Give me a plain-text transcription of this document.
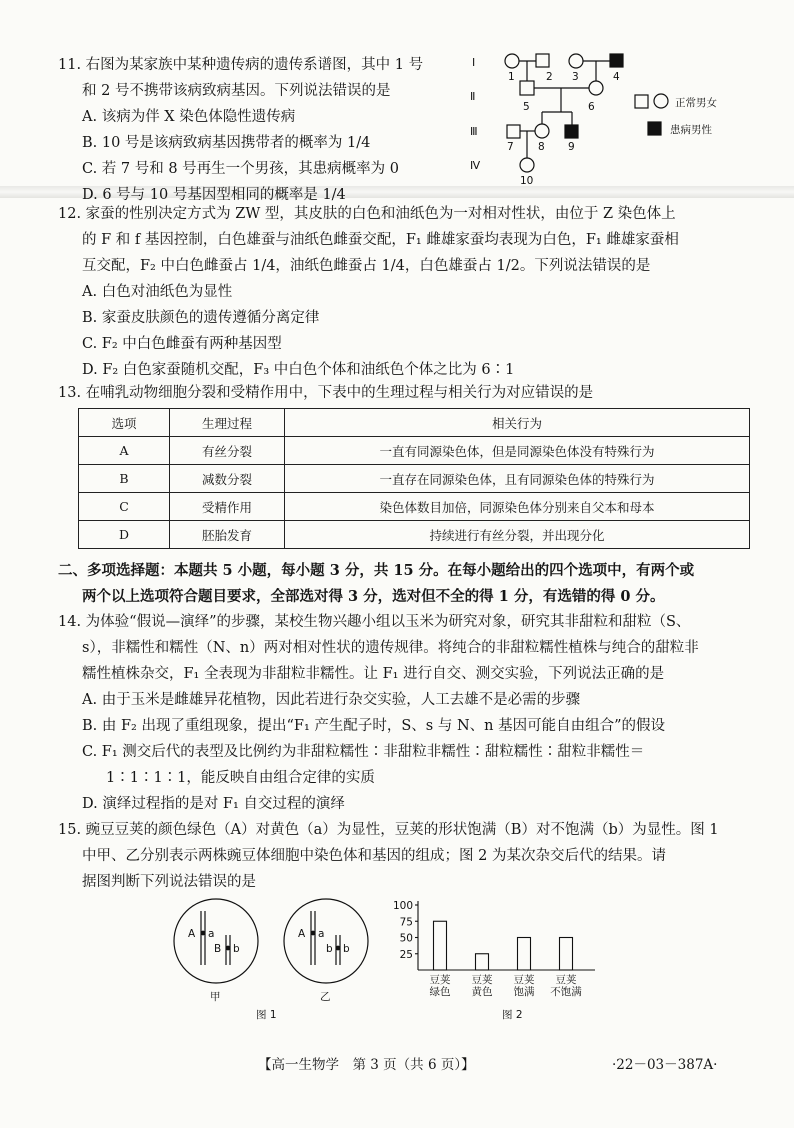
11. 右图为某家族中某种遗传病的遗传系谱图，其中 1 号
和 2 号不携带该病致病基因。下列说法错误的是
A. 该病为伴 X 染色体隐性遗传病
B. 10 号是该病致病基因携带者的概率为 1/4
C. 若 7 号和 8 号再生一个男孩，其患病概率为 0
D. 6 号与 10 号基因型相同的概率是 1/4
I
Ⅱ
Ⅲ
Ⅳ
1	2 3	4
5	6
7 8 9
10
正常男女
患病男性
12. 家蚕的性别决定方式为 ZW 型，其皮肤的白色和油纸色为一对相对性状，由位于 Z 染色体上
的 F 和 f 基因控制，白色雄蚕与油纸色雌蚕交配，F₁ 雌雄家蚕均表现为白色，F₁ 雌雄家蚕相
互交配，F₂ 中白色雌蚕占 1/4，油纸色雌蚕占 1/4，白色雄蚕占 1/2。下列说法错误的是
A. 白色对油纸色为显性
B. 家蚕皮肤颜色的遗传遵循分离定律
C. F₂ 中白色雌蚕有两种基因型
D. F₂ 白色家蚕随机交配，F₃ 中白色个体和油纸色个体之比为 6∶1
13. 在哺乳动物细胞分裂和受精作用中，下表中的生理过程与相关行为对应错误的是
选项	生理过程	相关行为
A	有丝分裂	一直有同源染色体，但是同源染色体没有特殊行为
B	减数分裂	一直存在同源染色体，且有同源染色体的特殊行为
C	受精作用	染色体数目加倍，同源染色体分别来自父本和母本
D	胚胎发育	持续进行有丝分裂，并出现分化
二、多项选择题：本题共 5 小题，每小题 3 分，共 15 分。在每小题给出的四个选项中，有两个或
两个以上选项符合题目要求，全部选对得 3 分，选对但不全的得 1 分，有选错的得 0 分。
14. 为体验“假说—演绎”的步骤，某校生物兴趣小组以玉米为研究对象，研究其非甜粒和甜粒（S、
s），非糯性和糯性（N、n）两对相对性状的遗传规律。将纯合的非甜粒糯性植株与纯合的甜粒非
糯性植株杂交，F₁ 全表现为非甜粒非糯性。让 F₁ 进行自交、测交实验，下列说法正确的是
A. 由于玉米是雌雄异花植物，因此若进行杂交实验，人工去雄不是必需的步骤
B. 由 F₂ 出现了重组现象，提出“F₁ 产生配子时，S、s 与 N、n 基因可能自由组合”的假设
C. F₁ 测交后代的表型及比例约为非甜粒糯性∶非甜粒非糯性∶甜粒糯性∶甜粒非糯性＝
1∶1∶1∶1，能反映自由组合定律的实质
D. 演绎过程指的是对 F₁ 自交过程的演绎
15. 豌豆豆荚的颜色绿色（A）对黄色（a）为显性，豆荚的形状饱满（B）对不饱满（b）为显性。图 1
中甲、乙分别表示两株豌豆体细胞中染色体和基因的组成；图 2 为某次杂交后代的结果。请
据图判断下列说法错误的是
A a
B b
A a
b b
甲	乙
图 1
25
50
75
100
豆荚
绿色
豆荚
黄色
豆荚
饱满
豆荚
不饱满
图 2
【高一生物学　第 3 页（共 6 页）】	·22－03－387A·
